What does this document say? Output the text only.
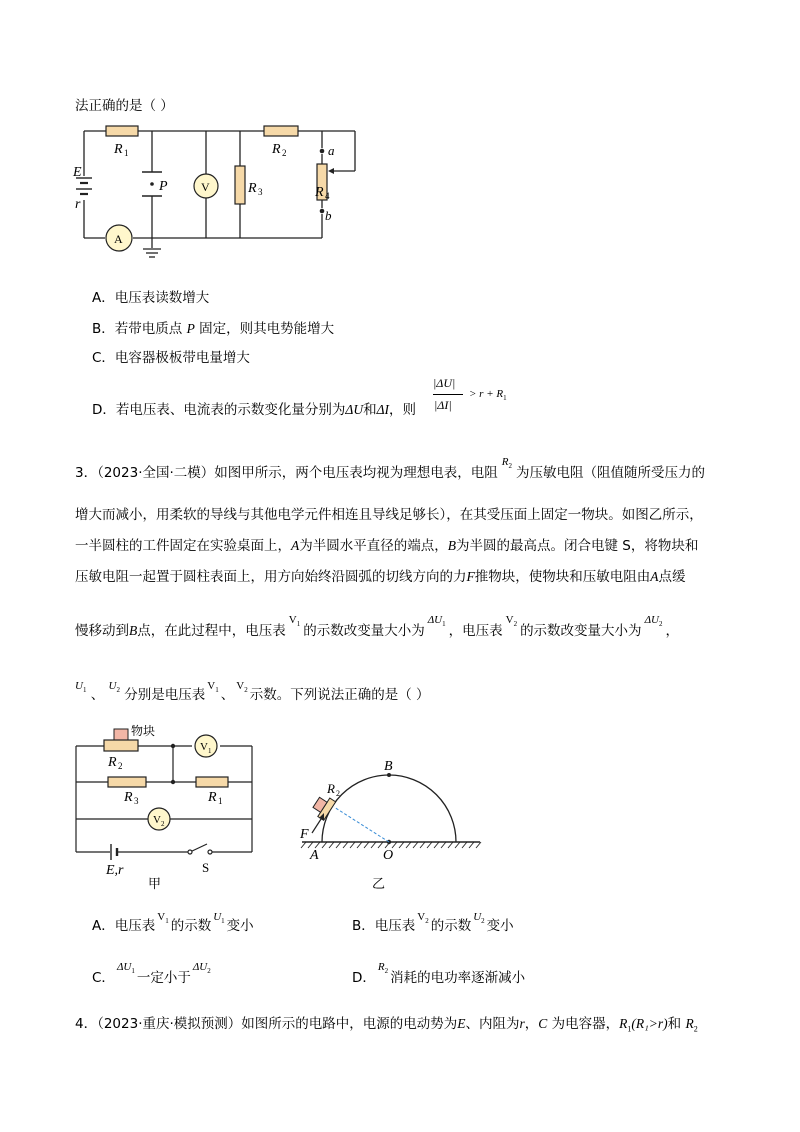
法正确的是（ ）
E
r
R 1	R 2
R 3	R 4
P
a
b
V
A
A．电压表读数增大
B．若带电质点 P 固定，则其电势能增大
C．电容器极板带电量增大
D．若电压表、电流表的示数变化量分别为ΔU和ΔI，则
|ΔU|
|ΔI|
> $r + R_1$
3．（2023·全国·二模）如图甲所示，两个电压表均视为理想电表，电阻$^{R_2}$ 为压敏电阻（阻值随所受压力的
增大而减小，用柔软的导线与其他电学元件相连且导线足够长），在其受压面上固定一物块。如图乙所示，
一半圆柱的工件固定在实验桌面上，A为半圆水平直径的端点，B为半圆的最高点。闭合电键 S，将物块和
压敏电阻一起置于圆柱表面上，用方向始终沿圆弧的切线方向的力F推物块，使物块和压敏电阻由A点缓
慢移动到B点，在此过程中，电压表$^{V_1}$ 的示数改变量大小为$^{\Delta U_1}$ ，电压表$^{V_2}$ 的示数改变量大小为$^{\Delta U_2}$ ，
$^{U_1}$ 、 $^{U_2}$ 分别是电压表$^{V_1}$ 、$^{V_2}$ 示数。下列说法正确的是（ ）
物块
R 2
R 3	R 1
V 1
V 2
E,r	S
甲
B
R 2
F
A	O
乙
A．电压表$^{V_1}$ 的示数$^{U_1}$ 变小	B．电压表$^{V_2}$ 的示数$^{U_2}$ 变小
C．$^{\Delta U_1}$ 一定小于$^{\Delta U_2}$	D．$^{R_2}$ 消耗的电功率逐渐减小
4．（2023·重庆·模拟预测）如图所示的电路中，电源的电动势为E、内阻为r，C 为电容器，$R_1(R_1>r)$和 $R_2$
